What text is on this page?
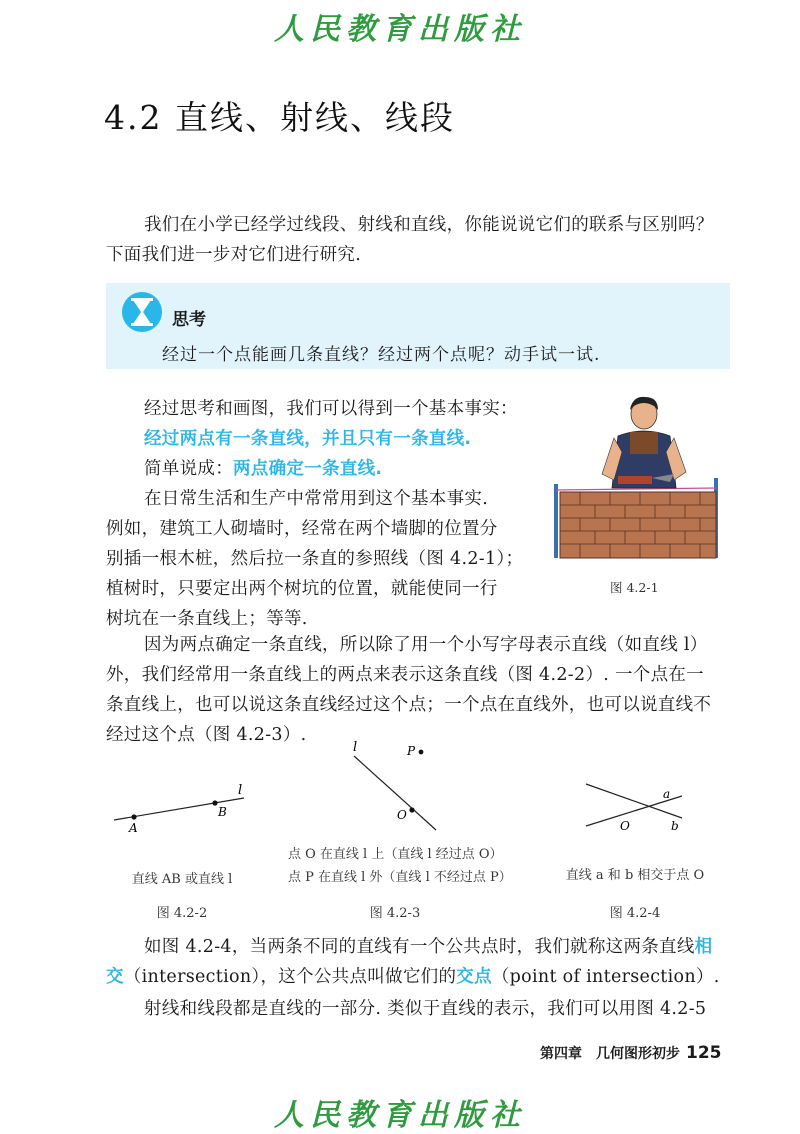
人民教育出版社
4.2 直线、射线、线段
我们在小学已经学过线段、射线和直线，你能说说它们的联系与区别吗？
下面我们进一步对它们进行研究.
思考
经过一个点能画几条直线？经过两个点呢？动手试一试.
经过思考和画图，我们可以得到一个基本事实：
经过两点有一条直线，并且只有一条直线.
简单说成：两点确定一条直线.
在日常生活和生产中常常用到这个基本事实.
例如，建筑工人砌墙时，经常在两个墙脚的位置分
别插一根木桩，然后拉一条直的参照线（图 4.2-1）；
植树时，只要定出两个树坑的位置，就能使同一行
树坑在一条直线上；等等.
图 4.2-1
因为两点确定一条直线，所以除了用一个小写字母表示直线（如直线 l）
外，我们经常用一条直线上的两点来表示这条直线（图 4.2-2）. 一个点在一
条直线上，也可以说这条直线经过这个点；一个点在直线外，也可以说直线不
经过这个点（图 4.2-3）.
A
B
l
直线 AB 或直线 l
图 4.2-2
l	P
O
点 O 在直线 l 上（直线 l 经过点 O）
点 P 在直线 l 外（直线 l 不经过点 P）
图 4.2-3
a
b
O
直线 a 和 b 相交于点 O
图 4.2-4
如图 4.2-4，当两条不同的直线有一个公共点时，我们就称这两条直线相
交（intersection），这个公共点叫做它们的交点（point of intersection）.
射线和线段都是直线的一部分. 类似于直线的表示，我们可以用图 4.2-5
第四章　几何图形初步 125
人民教育出版社
